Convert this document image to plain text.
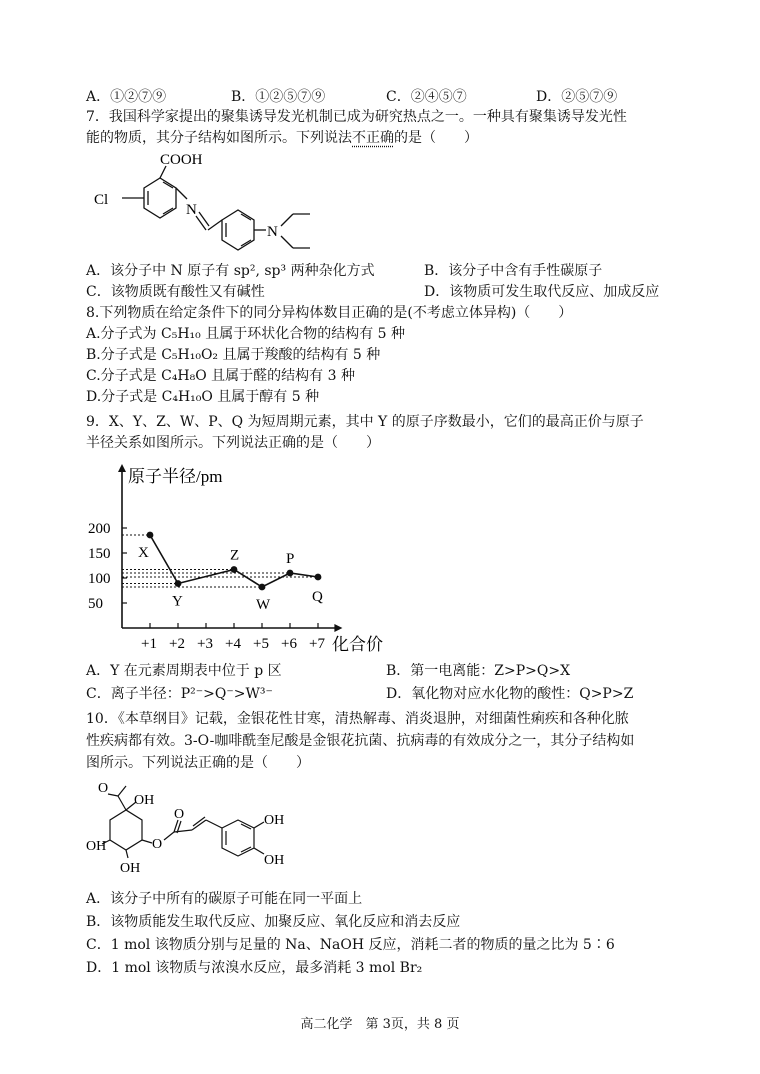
A．①②⑦⑨	B．①②⑤⑦⑨	C．②④⑤⑦	D．②⑤⑦⑨
7．我国科学家提出的聚集诱导发光机制已成为研究热点之一。一种具有聚集诱导发光性
能的物质，其分子结构如图所示。下列说法不正确的是（　　）
COOH
Cl
N
N
A．该分子中 N 原子有 sp², sp³ 两种杂化方式	B．该分子中含有手性碳原子
C．该物质既有酸性又有碱性	D．该物质可发生取代反应、加成反应
8.下列物质在给定条件下的同分异构体数目正确的是(不考虑立体异构)（　　）
A.分子式为 C₅H₁₀ 且属于环状化合物的结构有 5 种
B.分子式是 C₅H₁₀O₂ 且属于羧酸的结构有 5 种
C.分子式是 C₄H₈O 且属于醛的结构有 3 种
D.分子式是 C₄H₁₀O 且属于醇有 5 种
9．X、Y、Z、W、P、Q 为短周期元素，其中 Y 的原子序数最小，它们的最高正价与原子
半径关系如图所示。下列说法正确的是（　　）
原子半径/pm
化合价
+1 +2 +3 +4 +5 +6 +7
200
150
100
50
X
Y
Z
W
P
Q
A．Y 在元素周期表中位于 p 区	B．第一电离能：Z>P>Q>X
C．离子半径：P²⁻>Q⁻>W³⁻	D．氧化物对应水化物的酸性：Q>P>Z
10．《本草纲目》记载，金银花性甘寒，清热解毒、消炎退肿，对细菌性痢疾和各种化脓
性疾病都有效。3-O-咖啡酰奎尼酸是金银花抗菌、抗病毒的有效成分之一，其分子结构如
图所示。下列说法正确的是（　　）
O
OH
OH
OH
O
O	OH
OH
A．该分子中所有的碳原子可能在同一平面上
B．该物质能发生取代反应、加聚反应、氧化反应和消去反应
C．1 mol 该物质分别与足量的 Na、NaOH 反应，消耗二者的物质的量之比为 5∶6
D．1 mol 该物质与浓溴水反应，最多消耗 3 mol Br₂
高二化学　第 3页，共 8 页
